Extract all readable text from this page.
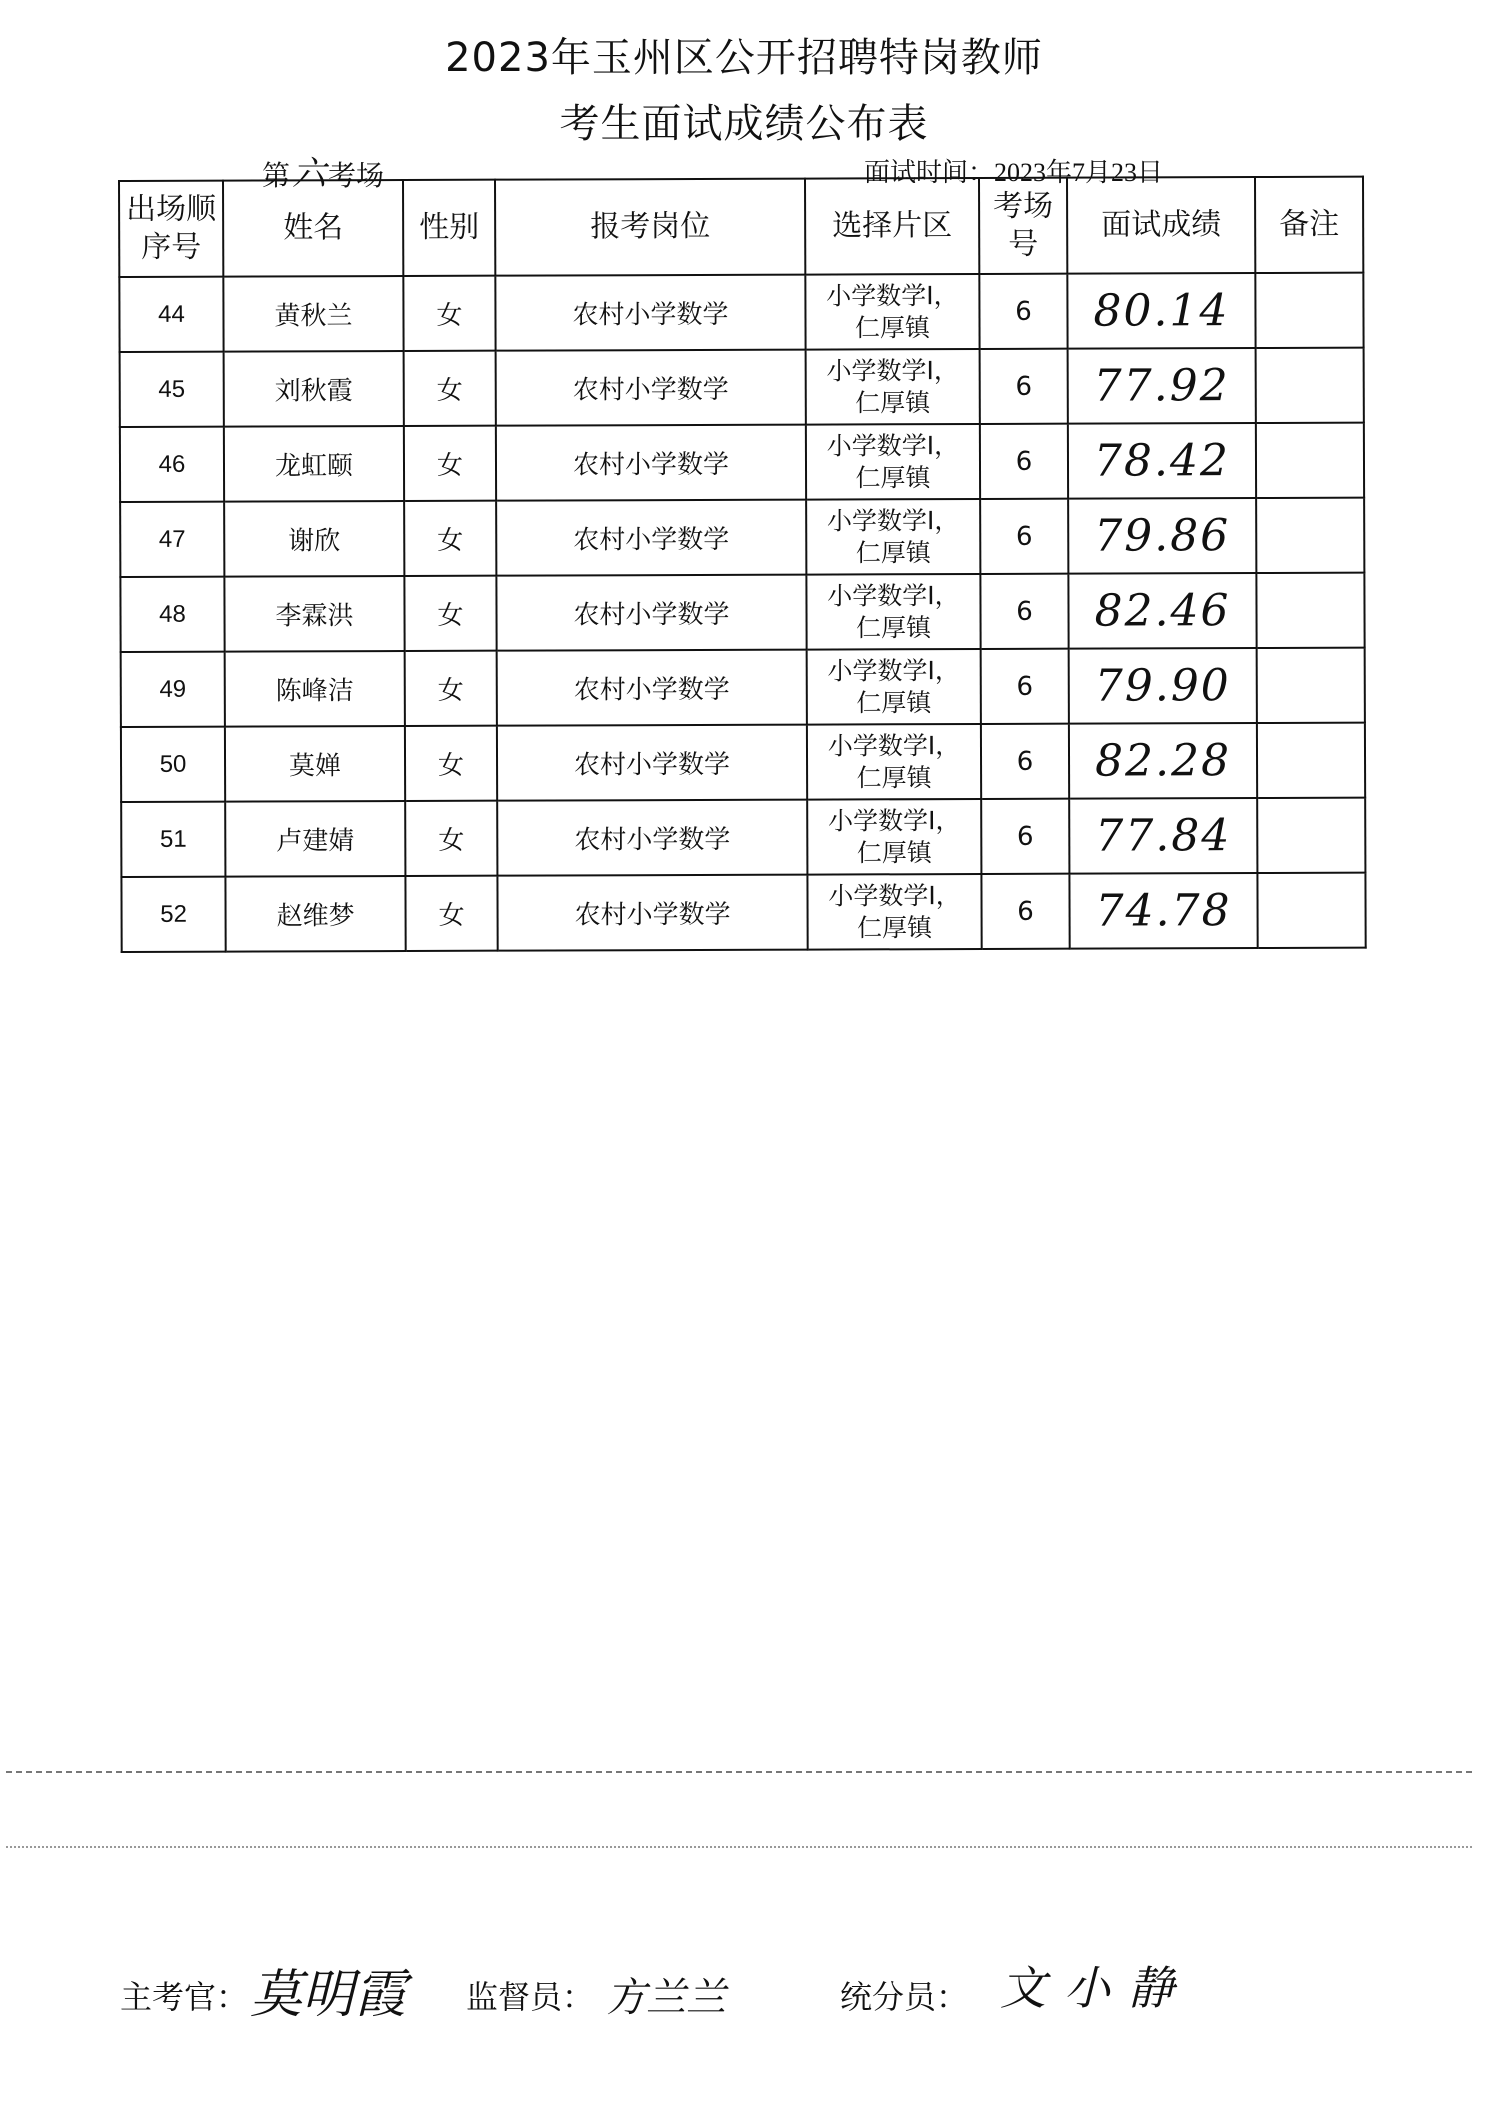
2023年玉州区公开招聘特岗教师
考生面试成绩公布表
第六考场	面试时间：2023年7月23日
出场顺序号	姓名	性别	报考岗位	选择片区	考场号	面试成绩	备注
44	黄秋兰	女	农村小学数学	小学数学Ⅰ，
仁厚镇	6	80.14	
45	刘秋霞	女	农村小学数学	小学数学Ⅰ，
仁厚镇	6	77.92	
46	龙虹颐	女	农村小学数学	小学数学Ⅰ，
仁厚镇	6	78.42	
47	谢欣	女	农村小学数学	小学数学Ⅰ，
仁厚镇	6	79.86	
48	李霖洪	女	农村小学数学	小学数学Ⅰ，
仁厚镇	6	82.46	
49	陈峰洁	女	农村小学数学	小学数学Ⅰ，
仁厚镇	6	79.90	
50	莫婵	女	农村小学数学	小学数学Ⅰ，
仁厚镇	6	82.28	
51	卢建婧	女	农村小学数学	小学数学Ⅰ，
仁厚镇	6	77.84	
52	赵维梦	女	农村小学数学	小学数学Ⅰ，
仁厚镇	6	74.78	
主考官： 莫明霞 监督员： 方兰兰	统分员： 文小静
